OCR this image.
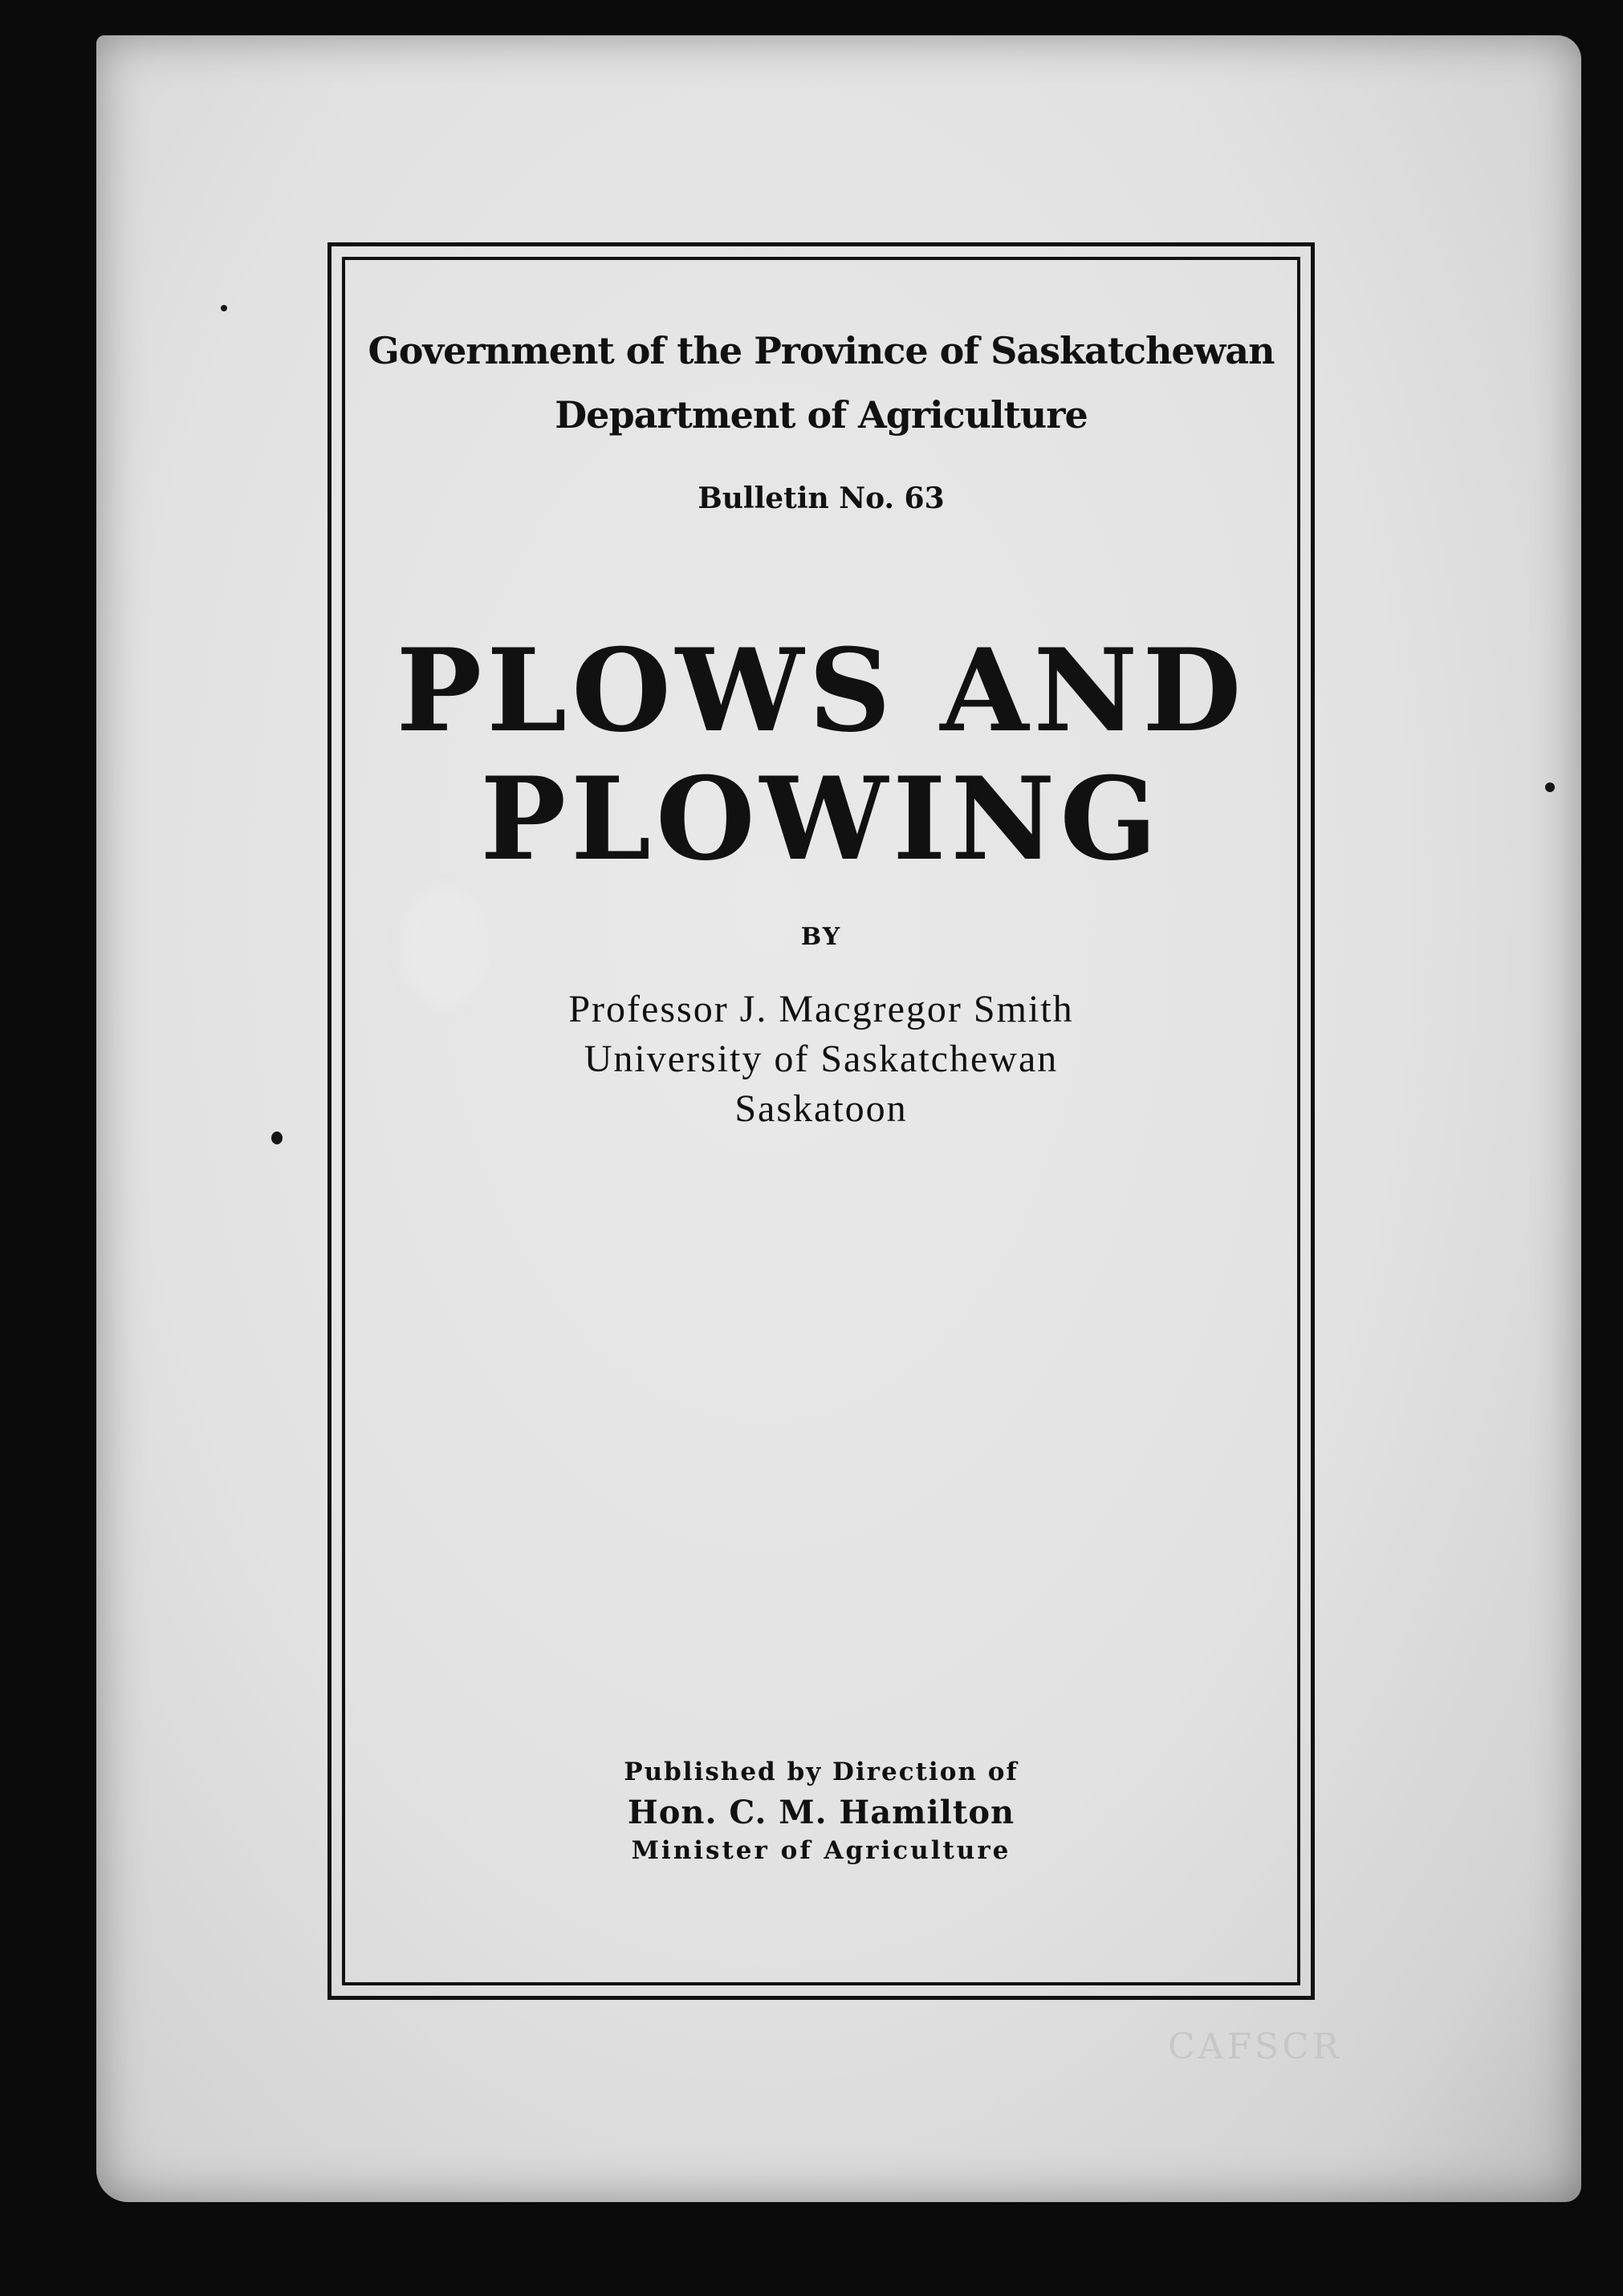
Government of the Province of Saskatchewan
Department of Agriculture
Bulletin No. 63
PLOWS AND
PLOWING
BY
Professor J. Macgregor Smith
University of Saskatchewan
Saskatoon
Published by Direction of
Hon. C. M. Hamilton
Minister of Agriculture
CAFSCR
